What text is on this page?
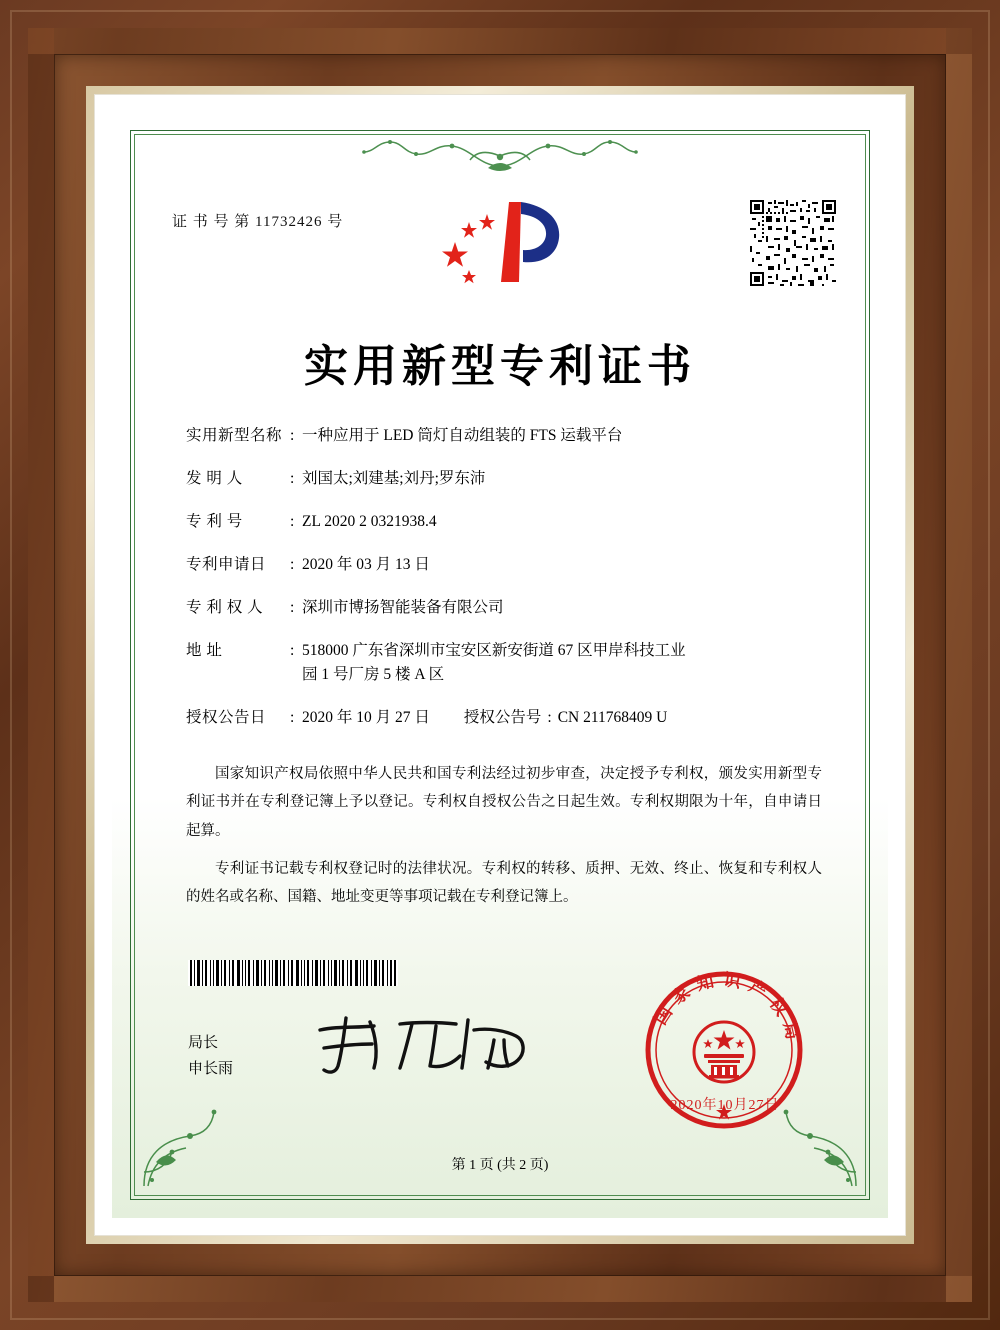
证 书 号 第 11732426 号
实用新型专利证书
实用新型名称 : 一种应用于 LED 筒灯自动组装的 FTS 运载平台
发 明 人	: 刘国太;刘建基;刘丹;罗东沛
专 利 号	: ZL 2020 2 0321938.4
专利申请日	: 2020 年 03 月 13 日
专 利 权 人	: 深圳市博扬智能装备有限公司
地 址	: 518000 广东省深圳市宝安区新安街道 67 区甲岸科技工业
园 1 号厂房 5 楼 A 区
授权公告日	: 2020 年 10 月 27 日 授权公告号 : CN 211768409 U

国家知识产权局依照中华人民共和国专利法经过初步审查，决定授予专利权，颁发实用新型专利证书并在专利登记簿上予以登记。专利权自授权公告之日起生效。专利权期限为十年，自申请日起算。

专利证书记载专利权登记时的法律状况。专利权的转移、质押、无效、终止、恢复和专利权人的姓名或名称、国籍、地址变更等事项记载在专利登记簿上。

局长
申长雨
国家知识产权局
2020年10月27日
第 1 页 (共 2 页)
